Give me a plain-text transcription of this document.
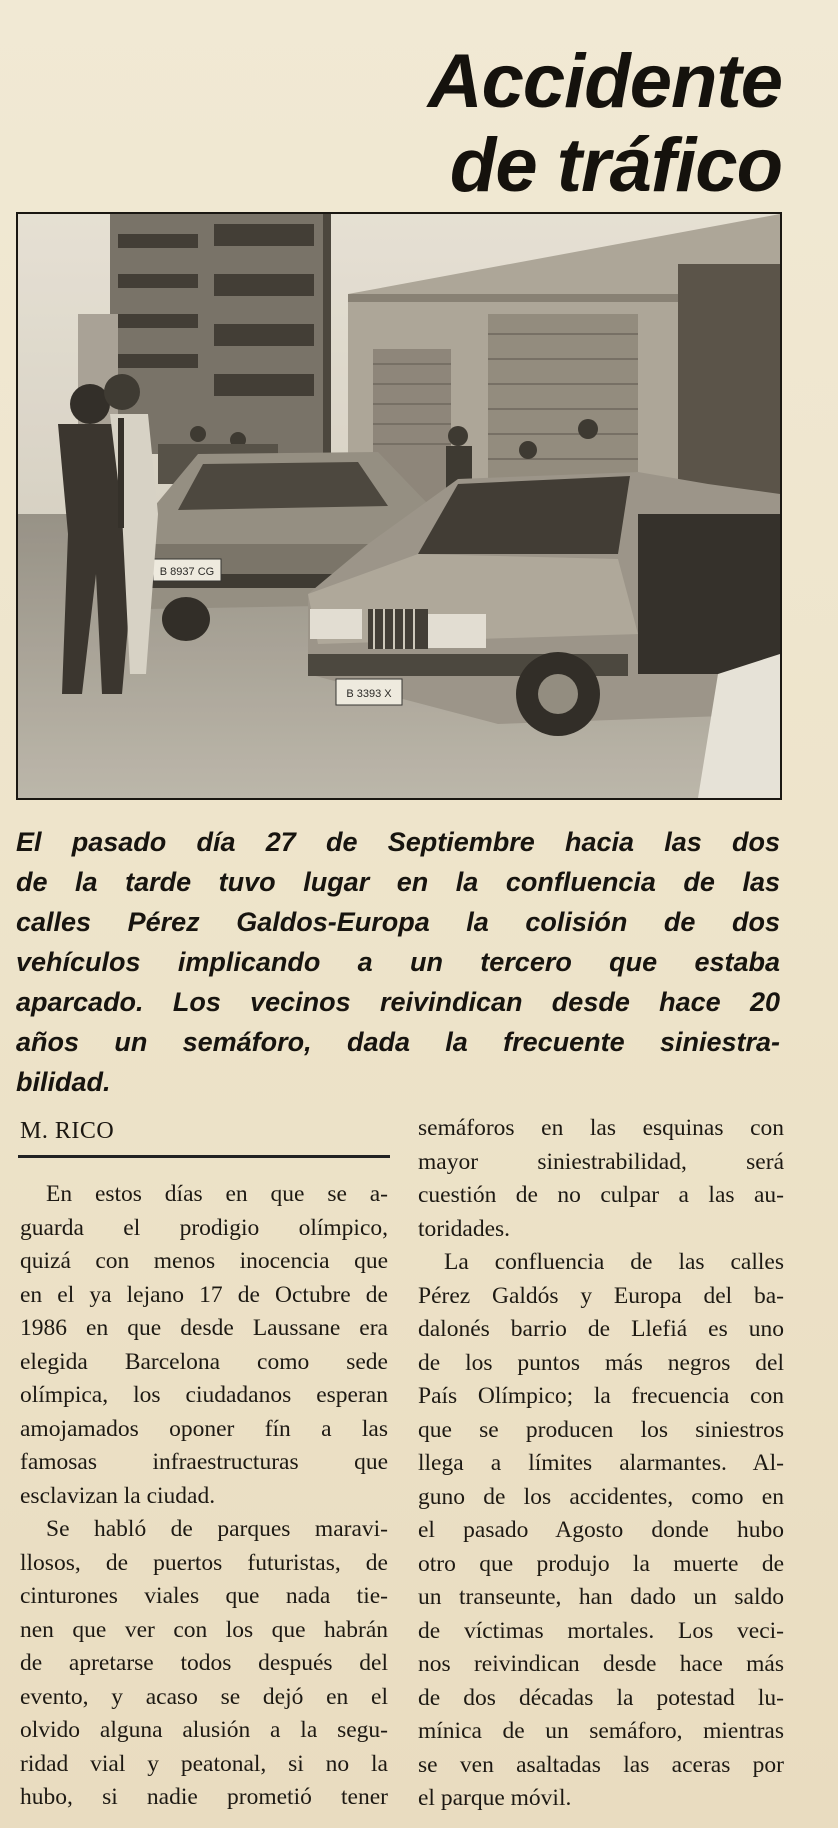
Accidente
de tráfico
B 8937 CG
B 3393 X
El pasado día 27 de Septiembre hacia las dos
de la tarde tuvo lugar en la confluencia de las
calles Pérez Galdos-Europa la colisión de dos
vehículos implicando a un tercero que estaba
aparcado. Los vecinos reivindican desde hace 20
años un semáforo, dada la frecuente siniestra-
bilidad.
M. RICO
En estos días en que se a-
guarda el prodigio olímpico,
quizá con menos inocencia que
en el ya lejano 17 de Octubre de
1986 en que desde Laussane era
elegida Barcelona como sede
olímpica, los ciudadanos esperan
amojamados oponer fín a las
famosas infraestructuras que
esclavizan la ciudad.
Se habló de parques maravi-
llosos, de puertos futuristas, de
cinturones viales que nada tie-
nen que ver con los que habrán
de apretarse todos después del
evento, y acaso se dejó en el
olvido alguna alusión a la segu-
ridad vial y peatonal, si no la
hubo, si nadie prometió tener
semáforos en las esquinas con
mayor siniestrabilidad, será
cuestión de no culpar a las au-
toridades.
La confluencia de las calles
Pérez Galdós y Europa del ba-
dalonés barrio de Llefiá es uno
de los puntos más negros del
País Olímpico; la frecuencia con
que se producen los siniestros
llega a límites alarmantes. Al-
guno de los accidentes, como en
el pasado Agosto donde hubo
otro que produjo la muerte de
un transeunte, han dado un saldo
de víctimas mortales. Los veci-
nos reivindican desde hace más
de dos décadas la potestad lu-
mínica de un semáforo, mientras
se ven asaltadas las aceras por
el parque móvil.
